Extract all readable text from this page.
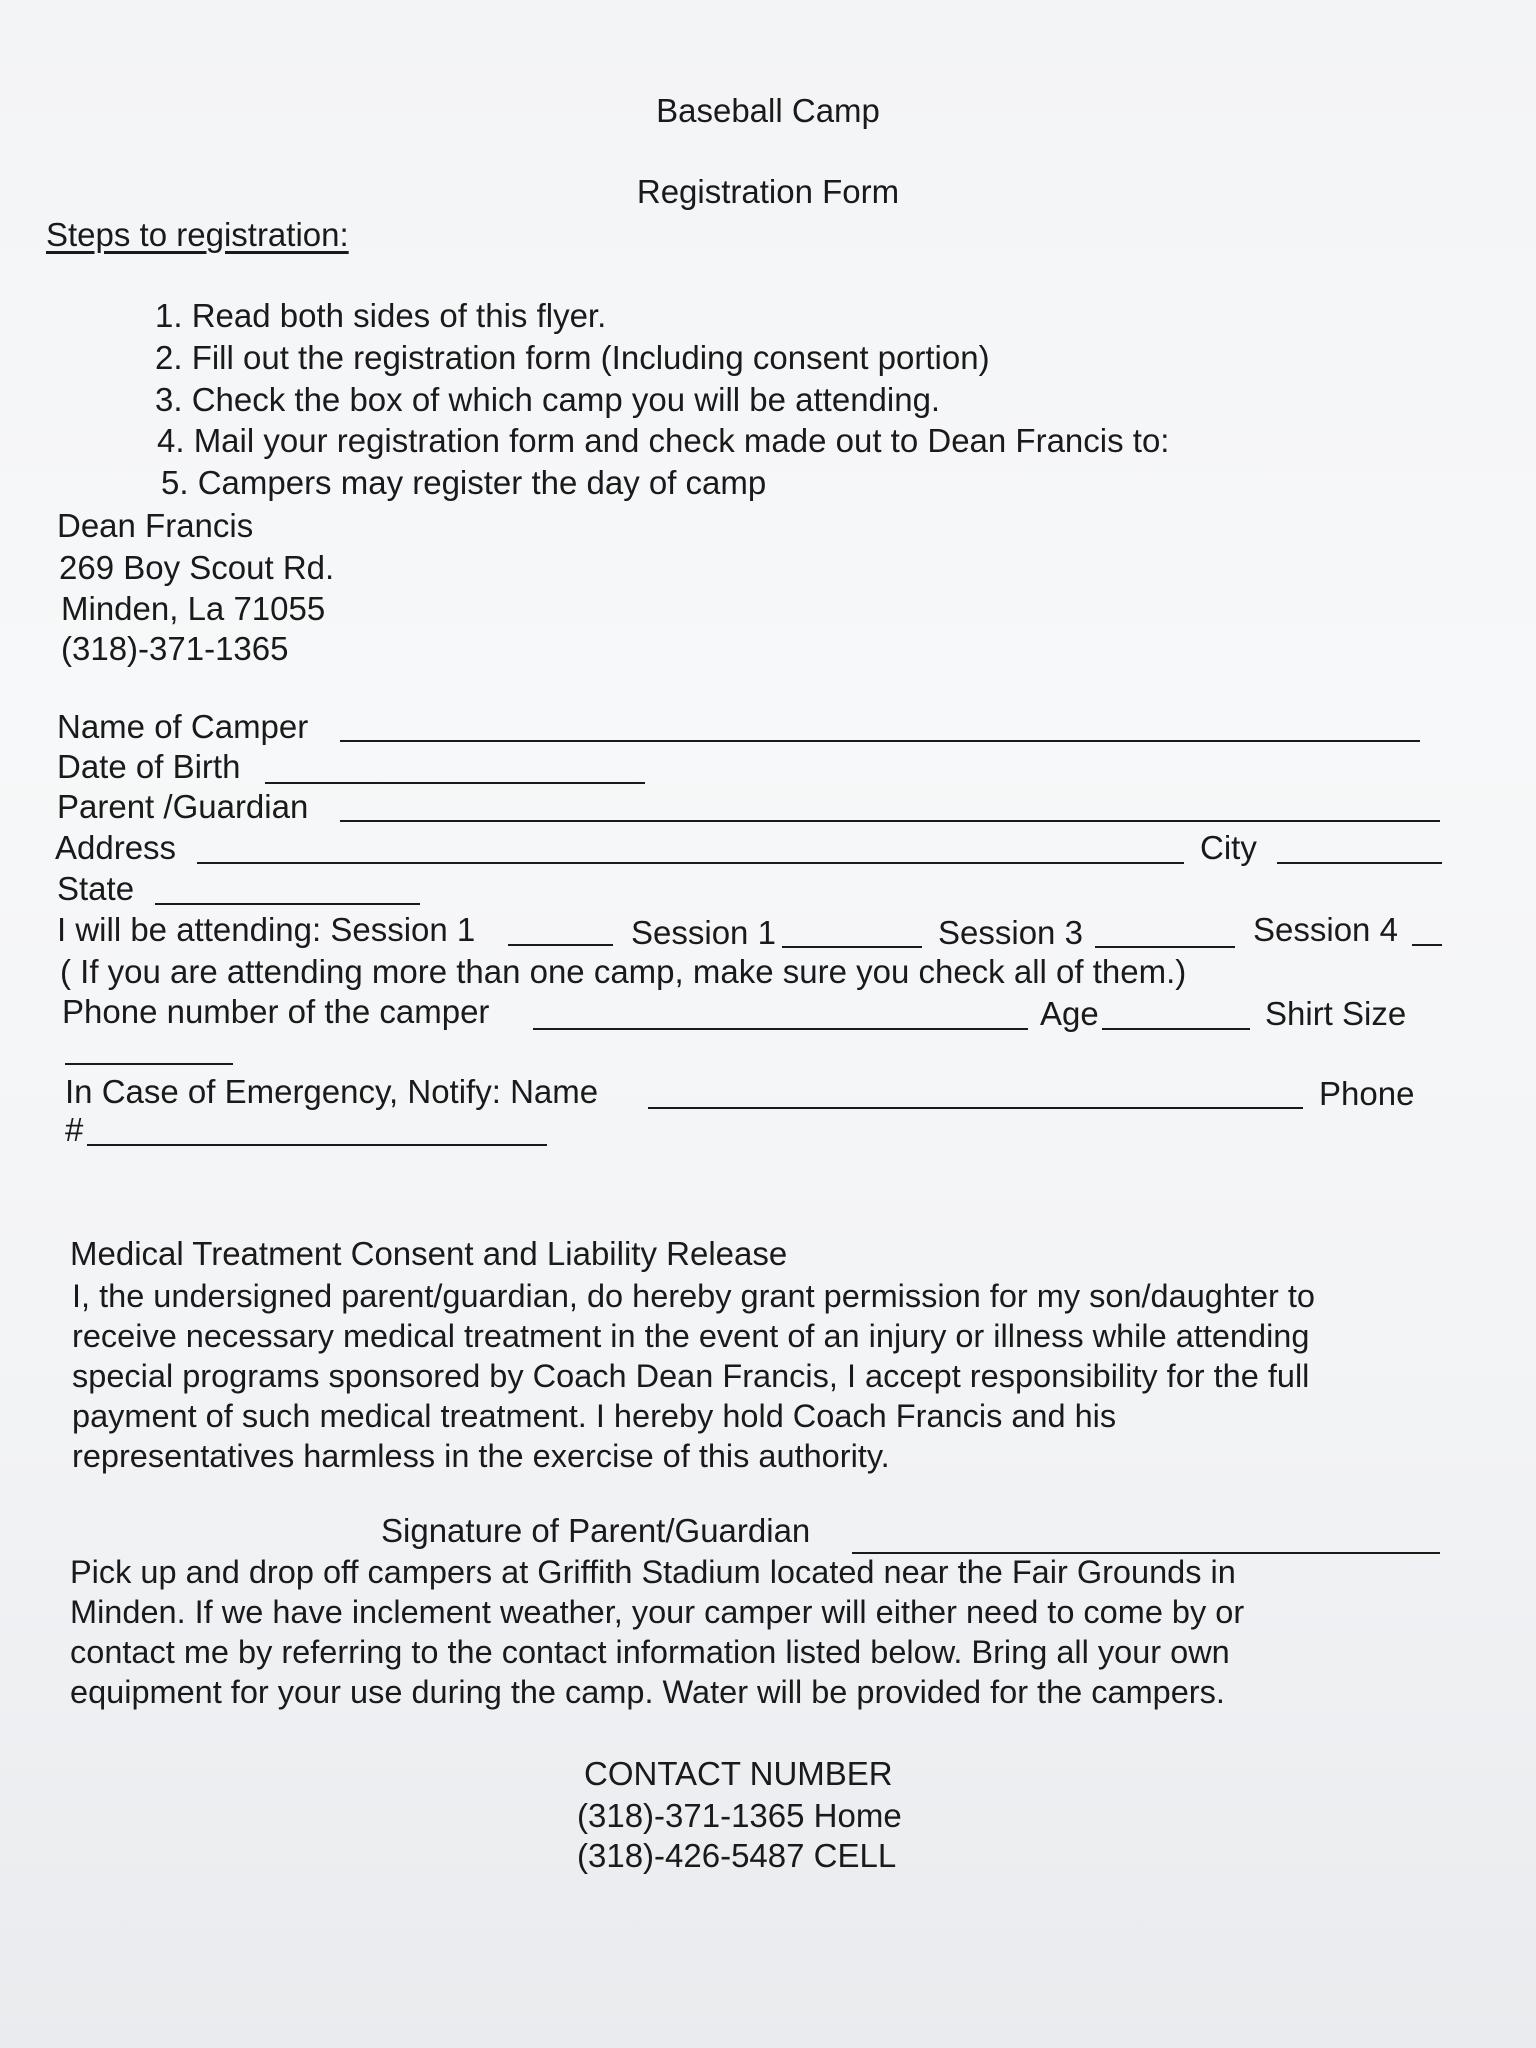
Baseball Camp
Registration Form
Steps to registration:
1. Read both sides of this flyer.
2. Fill out the registration form (Including consent portion)
3. Check the box of which camp you will be attending.
4. Mail your registration form and check made out to Dean Francis to:
5. Campers may register the day of camp
Dean Francis
269 Boy Scout Rd.
Minden, La 71055
(318)-371-1365
Name of Camper
Date of Birth
Parent /Guardian
Address	City
State
I will be attending: Session 1	Session 1	Session 3	Session 4
( If you are attending more than one camp, make sure you check all of them.)
Phone number of the camper	Age	Shirt Size
In Case of Emergency, Notify: Name	Phone
#
Medical Treatment Consent and Liability Release
I, the undersigned parent/guardian, do hereby grant permission for my son/daughter to
receive necessary medical treatment in the event of an injury or illness while attending
special programs sponsored by Coach Dean Francis, I accept responsibility for the full
payment of such medical treatment. I hereby hold Coach Francis and his
representatives harmless in the exercise of this authority.
Signature of Parent/Guardian
Pick up and drop off campers at Griffith Stadium located near the Fair Grounds in
Minden. If we have inclement weather, your camper will either need to come by or
contact me by referring to the contact information listed below. Bring all your own
equipment for your use during the camp. Water will be provided for the campers.
CONTACT NUMBER
(318)-371-1365 Home
(318)-426-5487 CELL
